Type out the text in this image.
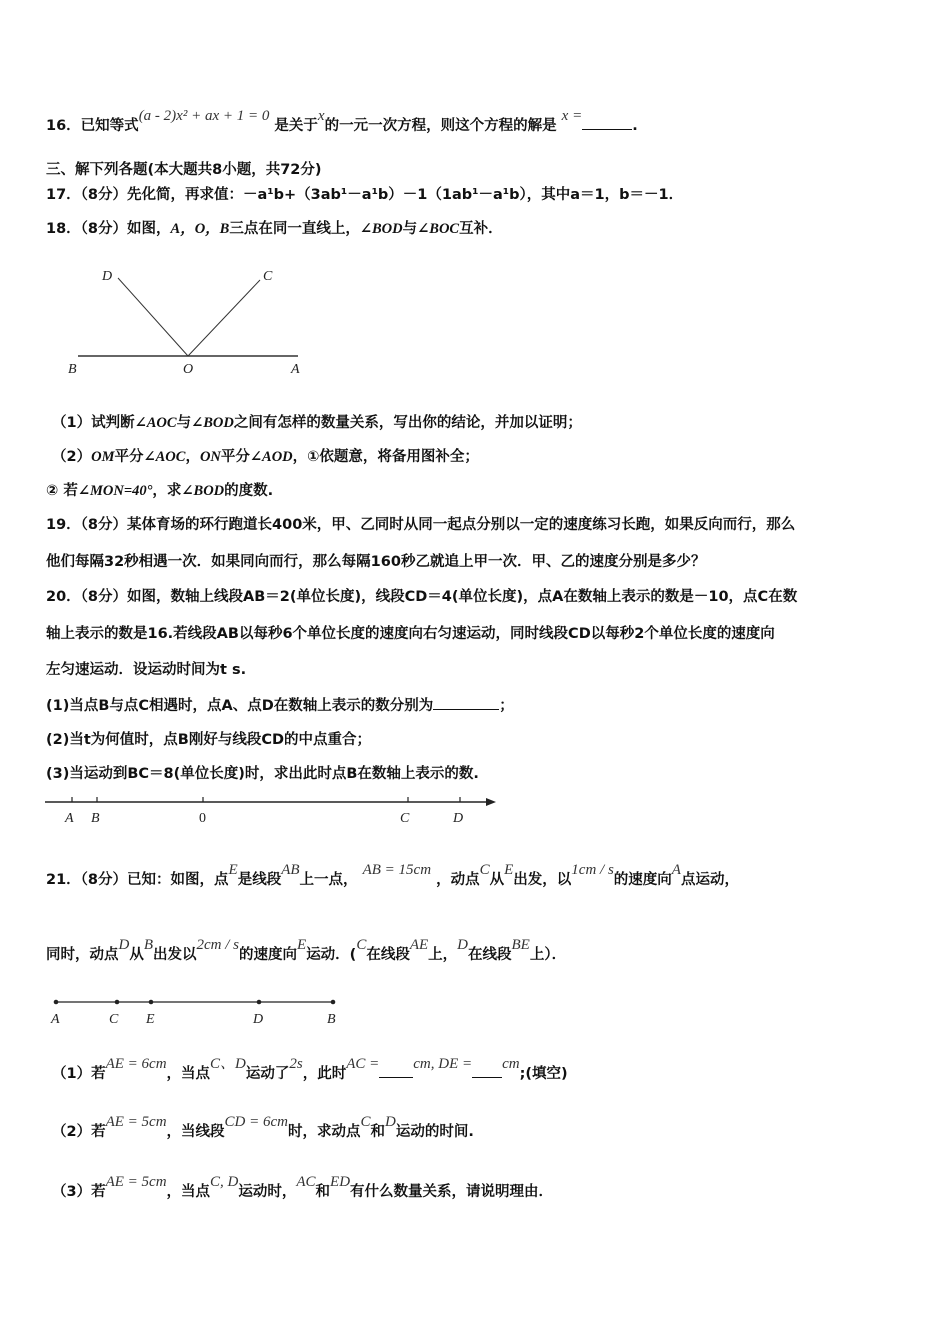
16．已知等式(a - 2)x² + ax + 1 = 0 是关于x的一元一次方程，则这个方程的解是 x =.
三、解下列各题(本大题共8小题，共72分)
17．（8分）先化简，再求值：－a¹b+（3ab¹－a¹b）－1（1ab¹－a¹b），其中a＝1，b＝－1．
18．（8分）如图，A，O，B三点在同一直线上，∠BOD与∠BOC互补．
D	C
B	O	A
（1）试判断∠AOC与∠BOD之间有怎样的数量关系，写出你的结论，并加以证明；
（2）OM平分∠AOC，ON平分∠AOD，①依题意，将备用图补全；
② 若∠MON=40°，求∠BOD的度数.
19．（8分）某体育场的环行跑道长400米，甲、乙同时从同一起点分别以一定的速度练习长跑，如果反向而行，那么
他们每隔32秒相遇一次．如果同向而行，那么每隔160秒乙就追上甲一次．甲、乙的速度分别是多少？
20．（8分）如图，数轴上线段AB＝2(单位长度)，线段CD＝4(单位长度)，点A在数轴上表示的数是－10，点C在数
轴上表示的数是16.若线段AB以每秒6个单位长度的速度向右匀速运动，同时线段CD以每秒2个单位长度的速度向
左匀速运动．设运动时间为t s.
(1)当点B与点C相遇时，点A、点D在数轴上表示的数分别为	；
(2)当t为何值时，点B刚好与线段CD的中点重合；
(3)当运动到BC＝8(单位长度)时，求出此时点B在数轴上表示的数.
A B	0	C	D
21．（8分）已知：如图，点E是线段AB上一点， AB = 15cm ，动点C从E出发，以1cm / s的速度向A点运动，
同时，动点D从B出发以2cm / s的速度向E运动．(C在线段AE上，D在线段BE上）．
A	C E	D	B
（1）若AE = 6cm，当点C、D运动了2s，此时AC = cm, DE = cm;(填空)
（2）若AE = 5cm，当线段CD = 6cm时，求动点C和D运动的时间.
（3）若AE = 5cm，当点C, D运动时，AC和ED有什么数量关系，请说明理由．
